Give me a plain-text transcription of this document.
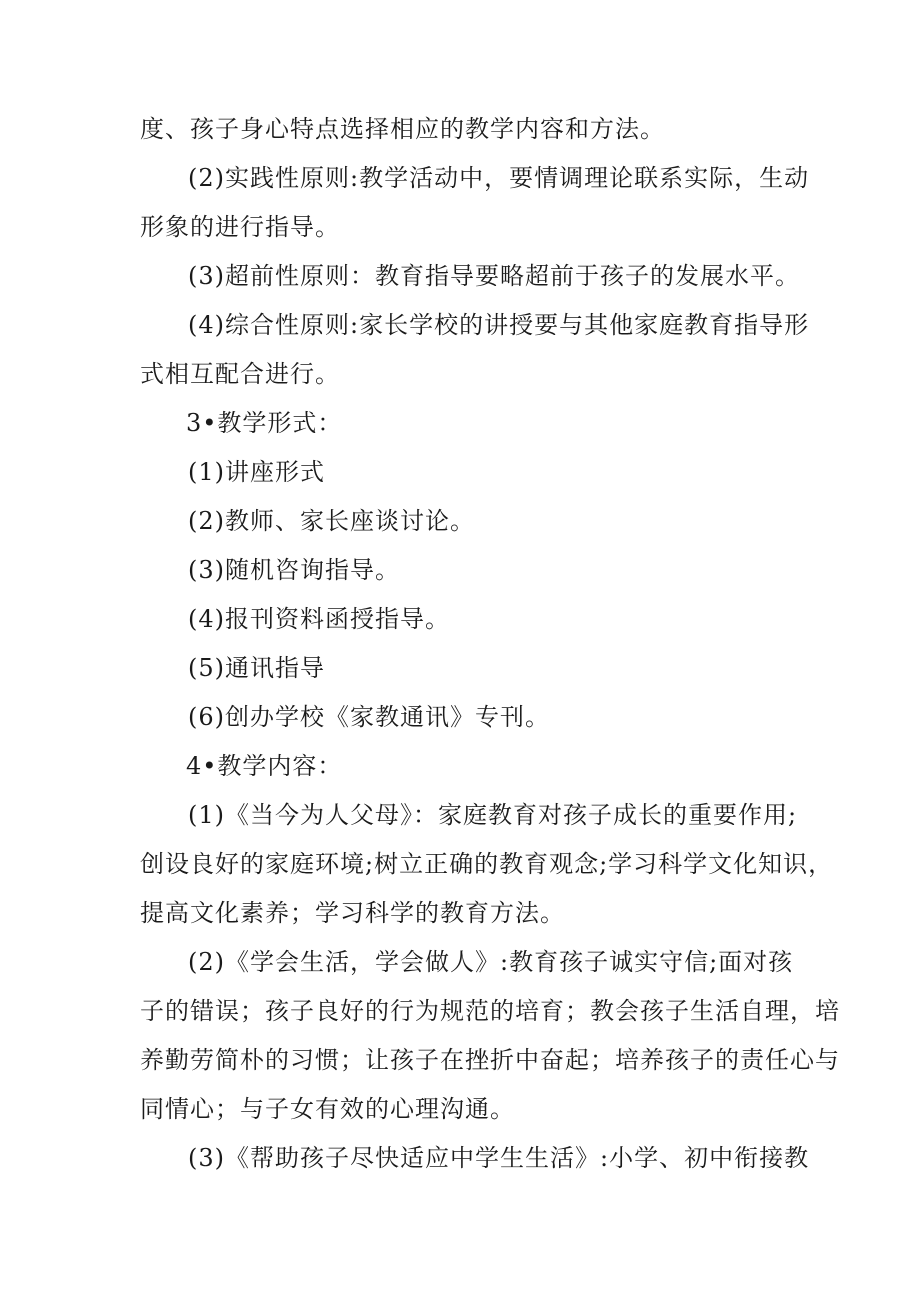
度、孩子身心特点选择相应的教学内容和方法。
(2)实践性原则:教学活动中，要情调理论联系实际，生动
形象的进行指导。
(3)超前性原则：教育指导要略超前于孩子的发展水平。
(4)综合性原则:家长学校的讲授要与其他家庭教育指导形
式相互配合进行。
3•教学形式：
(1)讲座形式
(2)教师、家长座谈讨论。
(3)随机咨询指导。
(4)报刊资料函授指导。
(5)通讯指导
(6)创办学校《家教通讯》专刊。
4•教学内容：
(1)《当今为人父母》：家庭教育对孩子成长的重要作用;
创设良好的家庭环境;树立正确的教育观念;学习科学文化知识，
提高文化素养；学习科学的教育方法。
(2)《学会生活，学会做人》:教育孩子诚实守信;面对孩
子的错误；孩子良好的行为规范的培育；教会孩子生活自理，培
养勤劳简朴的习惯；让孩子在挫折中奋起；培养孩子的责任心与
同情心；与子女有效的心理沟通。
(3)《帮助孩子尽快适应中学生生活》:小学、初中衔接教
